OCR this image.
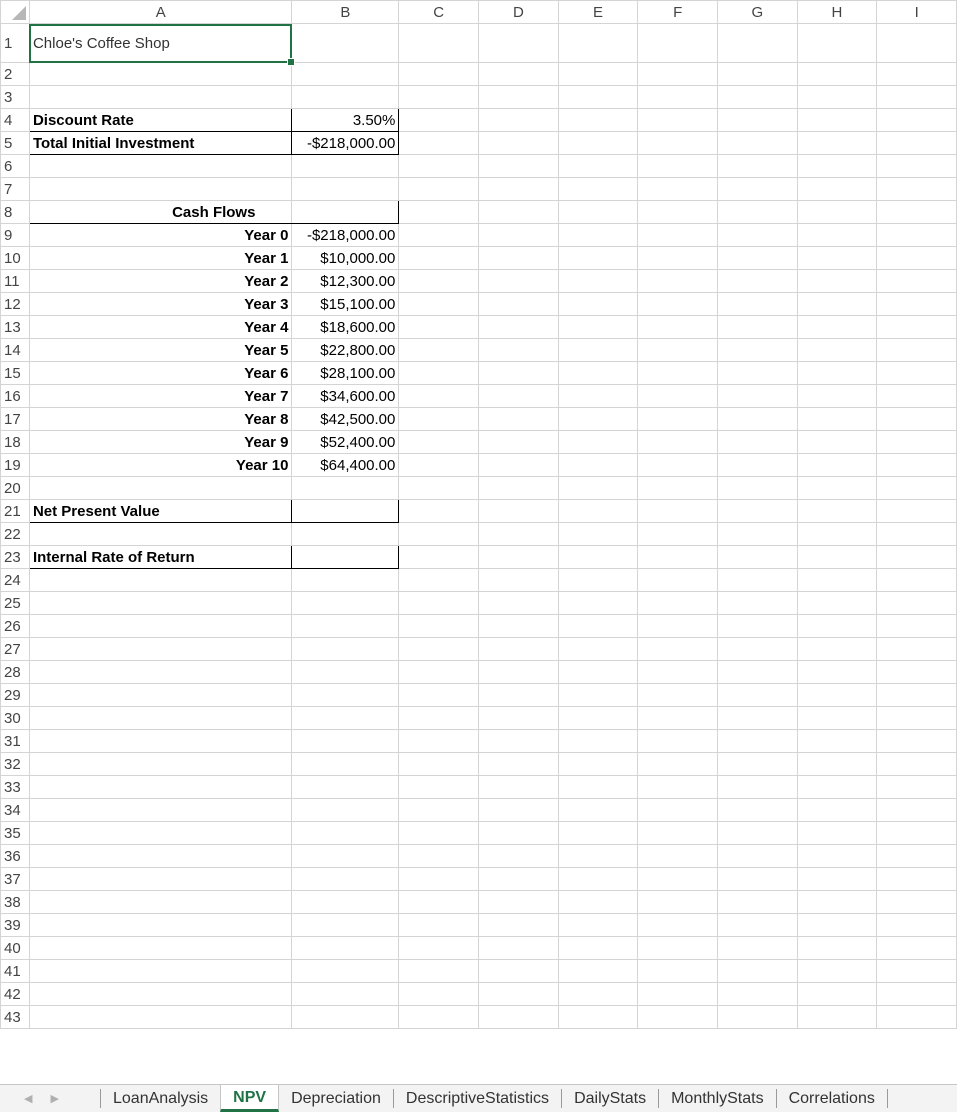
	A	B	C	D	E	F	G	H	I
1	Chloe's Coffee Shop								
2									
3									
4	Discount Rate	3.50%							
5	Total Initial Investment	-$218,000.00							
6									
7									
8	Cash Flows								
9	Year 0	-$218,000.00							
10	Year 1	$10,000.00							
11	Year 2	$12,300.00							
12	Year 3	$15,100.00							
13	Year 4	$18,600.00							
14	Year 5	$22,800.00							
15	Year 6	$28,100.00							
16	Year 7	$34,600.00							
17	Year 8	$42,500.00							
18	Year 9	$52,400.00							
19	Year 10	$64,400.00							
20									
21	Net Present Value								
22									
23	Internal Rate of Return								
24									
25									
26									
27									
28									
29									
30									
31									
32									
33									
34									
35									
36									
37									
38									
39									
40									
41									
42									
43									
◀ ▶	LoanAnalysis	NPV	Depreciation	DescriptiveStatistics	DailyStats	MonthlyStats	Correlations
